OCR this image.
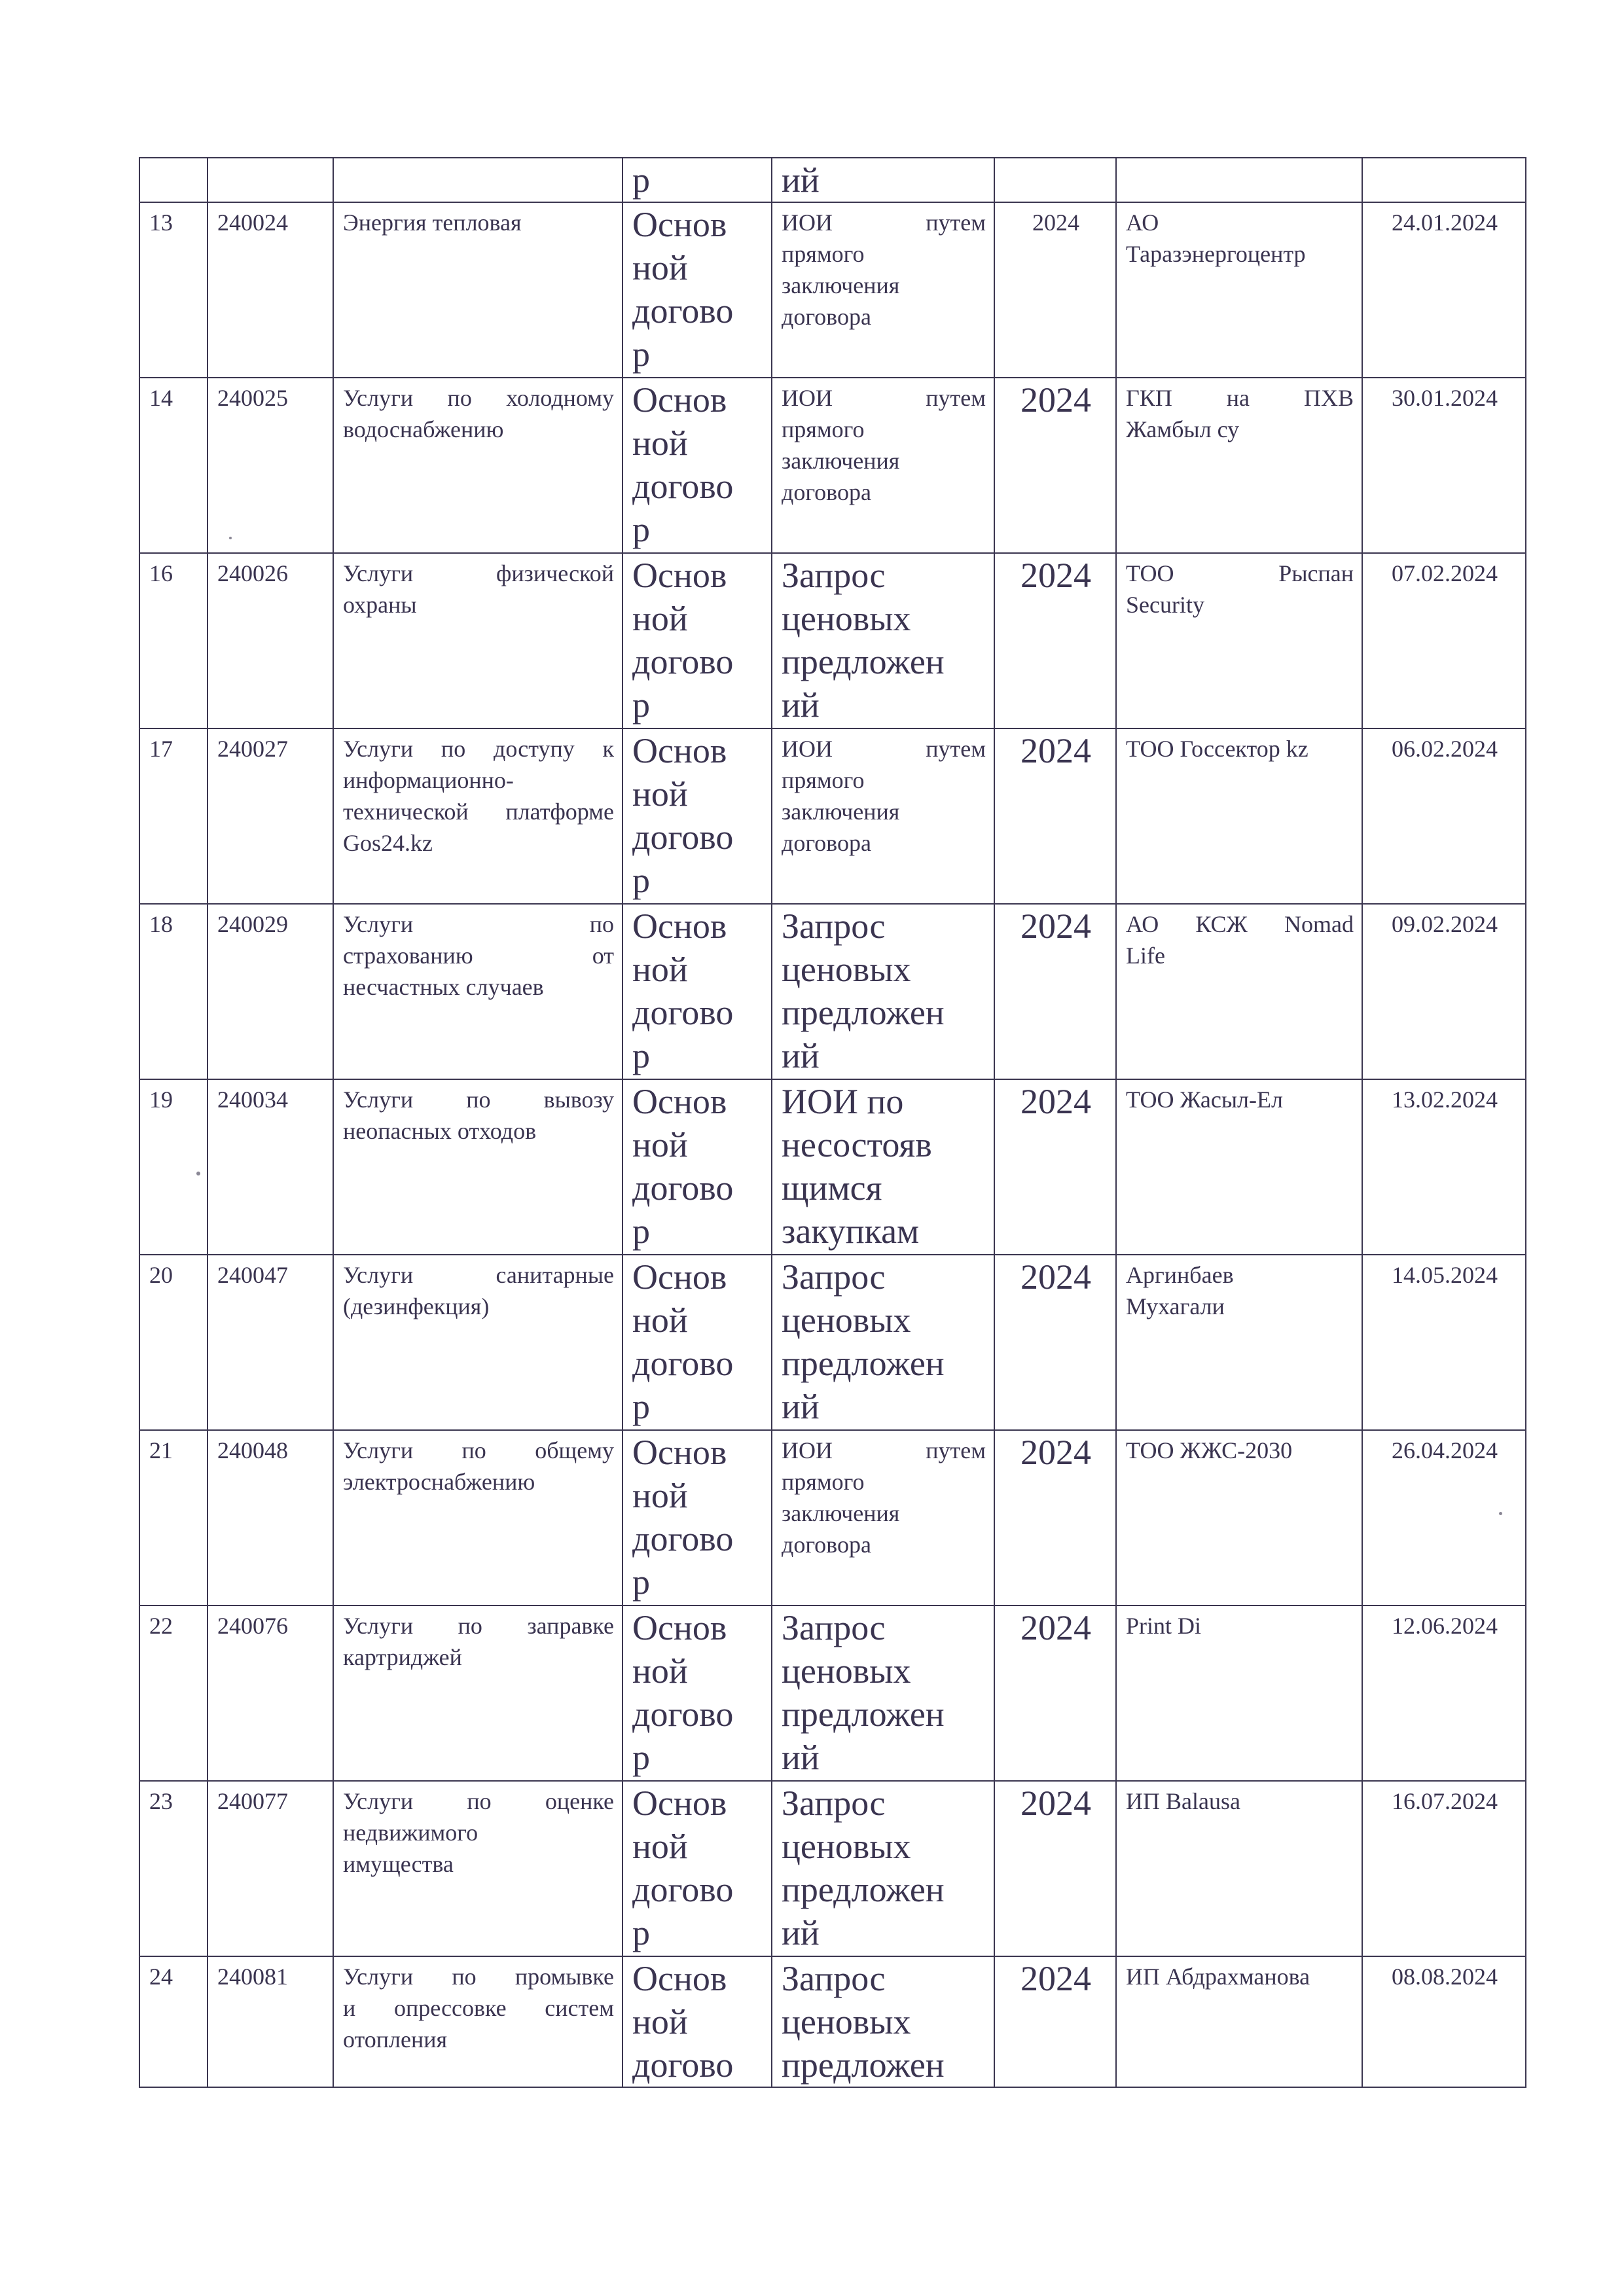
			р	ий			

13	240024	Энергия тепловая	Основ
ной
догово
р	ИОИ путем
прямого
заключения
договора	2024	АО
Таразэнергоцентр	24.01.2024
14	240025	Услуги по холодному
водоснабжению	Основ
ной
догово
р	ИОИ путем
прямого
заключения
договора	2024	ГКП на ПХВ
Жамбыл су	30.01.2024
16	240026	Услуги физической
охраны	Основ
ной
догово
р	Запрос
ценовых
предложен
ий	2024	ТОО Рыспан
Security	07.02.2024
17	240027	Услуги по доступу к
информационно-
технической платформе
Gos24.kz	Основ
ной
догово
р	ИОИ путем
прямого
заключения
договора	2024	ТОО Госсектор kz	06.02.2024
18	240029	Услуги по
страхованию от
несчастных случаев	Основ
ной
догово
р	Запрос
ценовых
предложен
ий	2024	АО КСЖ Nomad
Life	09.02.2024
19	240034	Услуги по вывозу
неопасных отходов	Основ
ной
догово
р	ИОИ по
несостояв
щимся
закупкам	2024	ТОО Жасыл-Ел	13.02.2024
20	240047	Услуги санитарные
(дезинфекция)	Основ
ной
догово
р	Запрос
ценовых
предложен
ий	2024	Аргинбаев
Мухагали	14.05.2024
21	240048	Услуги по общему
электроснабжению	Основ
ной
догово
р	ИОИ путем
прямого
заключения
договора	2024	ТОО ЖЖС-2030	26.04.2024
22	240076	Услуги по заправке
картриджей	Основ
ной
догово
р	Запрос
ценовых
предложен
ий	2024	Print Di	12.06.2024
23	240077	Услуги по оценке
недвижимого
имущества	Основ
ной
догово
р	Запрос
ценовых
предложен
ий	2024	ИП Balausa	16.07.2024
24	240081	Услуги по промывке
и опрессовке систем
отопления	Основ
ной
догово	Запрос
ценовых
предложен	2024	ИП Абдрахманова	08.08.2024
